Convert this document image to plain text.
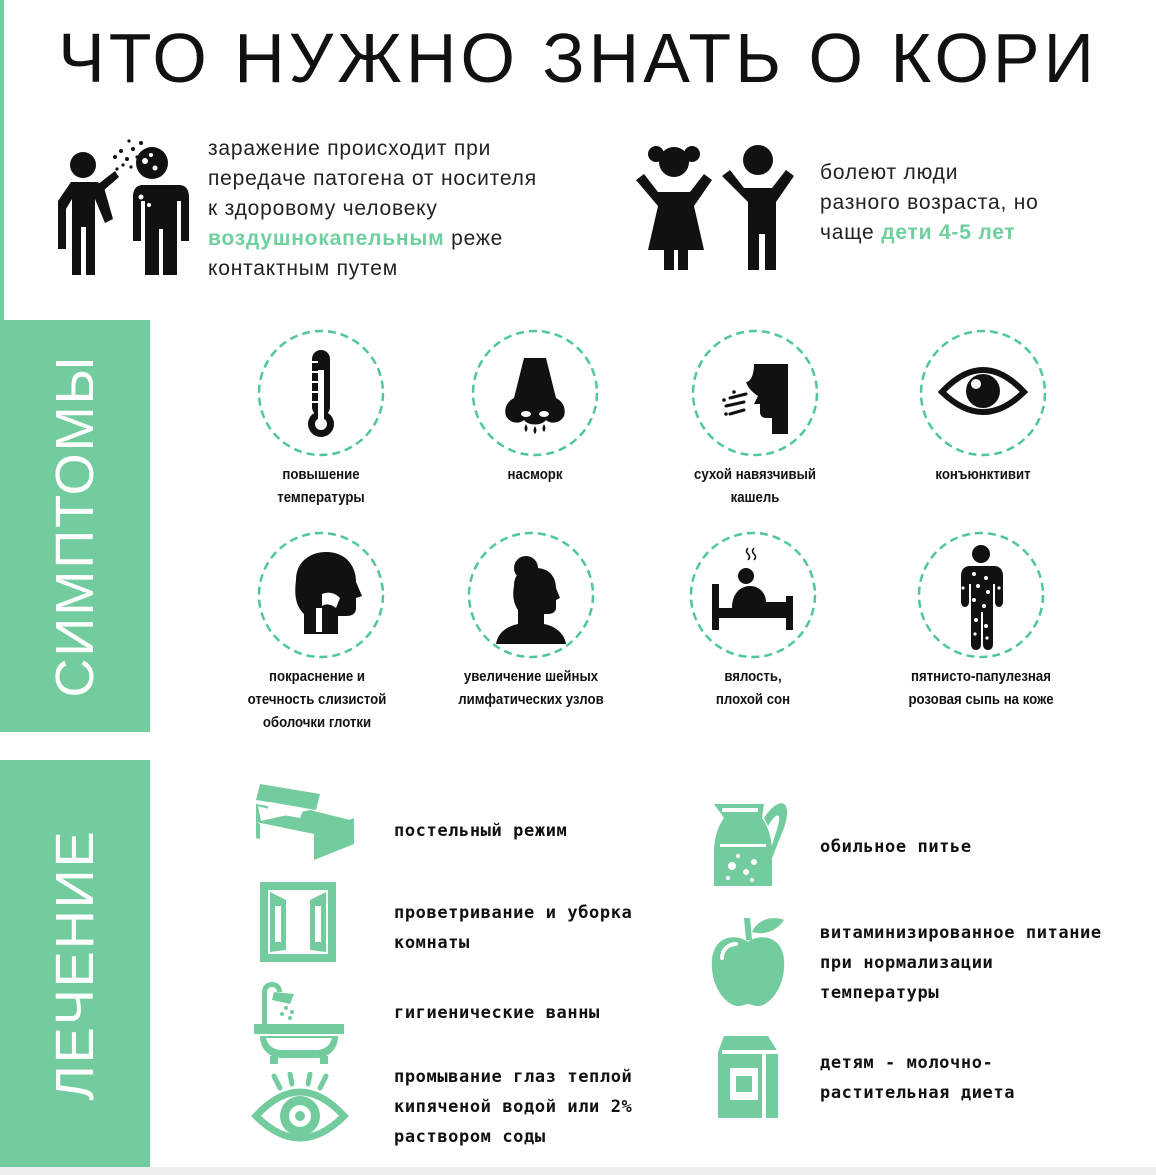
ЧТО НУЖНО ЗНАТЬ О КОРИ
заражение происходит при
передаче патогена от носителя
к здоровому человеку
воздушнокапельным реже
контактным путем
болеют люди
разного возраста, но
чаще дети 4-5 лет
СИМПТОМЫ
ЛЕЧЕНИЕ
повышение
температуры
насморк	сухой навязчивый
кашель
конъюнктивит
покраснение и
отечность слизистой
оболочки глотки
увеличение шейных
лимфатических узлов
вялость,
плохой сон
пятнисто-папулезная
розовая сыпь на коже
постельный режим
проветривание и уборка
комнаты
гигиенические ванны
промывание глаз теплой
кипяченой водой или 2%
раствором соды
обильное питье
витаминизированное питание
при нормализации
температуры
детям - молочно-
растительная диета
